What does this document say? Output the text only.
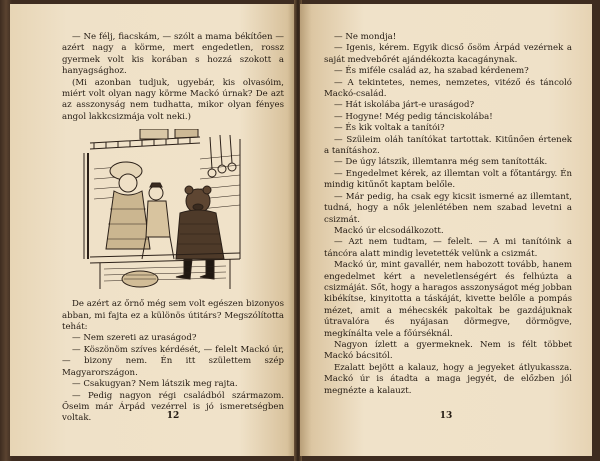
— Ne félj, fiacskám, — szólt a mama békítően — azért nagy a körme, mert engedetlen, rossz gyermek volt kis korában s hozzá szokott a hanyagsághoz.

(Mi azonban tudjuk, ugyebár, kis olvasóim, miért volt olyan nagy körme Mackó úrnak? De azt az asszonyság nem tudhatta, mikor olyan fényes angol lakkcsizmája volt neki.)

De azért az őrnő még sem volt egészen bizonyos abban, mi fajta ez a különös útitárs? Megszólította tehát:

— Nem szereti az uraságod?

— Köszönöm szíves kérdését, — felelt Mackó úr, — bizony nem. Én itt születtem szép Magyarországon.

— Csakugyan? Nem látszik meg rajta.

— Pedig nagyon régi családból származom. Őseim már Árpád vezérrel is jó ismeretségben voltak.	12

— Ne mondja!

— Igenis, kérem. Egyik dicső ősöm Árpád vezérnek a saját medvebőrét ajándékozta kacagánynak.

— És miféle család az, ha szabad kérdenem?

— A tekintetes, nemes, nemzetes, vitéző és táncoló Mackó-család.

— Hát iskolába járt-e uraságod?

— Hogyne! Még pedig tánciskolába!

— És kik voltak a tanítói?

— Szüleim oláh tanítókat tartottak. Kitűnően értenek a tanításhoz.

— De úgy látszik, illemtanra még sem tanították.

— Engedelmet kérek, az illemtan volt a főtantárgy. Én mindig kitűnőt kaptam belőle.

— Már pedig, ha csak egy kicsit ismerné az illemtant, tudná, hogy a nők jelenlétében nem szabad levetni a csizmát.

Mackó úr elcsodálkozott.

— Azt nem tudtam, — felelt. — A mi tanítóink a táncóra alatt mindig levetették velünk a csizmát.

Mackó úr, mint gavallér, nem habozott tovább, hanem engedelmet kért a neveletlenségért és felhúzta a csizmáját. Sőt, hogy a haragos asszonyságot még jobban kibékítse, kinyitotta a táskáját, kivette belőle a pompás mézet, amit a méhecskék pakoltak be gazdájuknak útravalóra és nyájasan dörmegve, dörmögve, megkínálta vele a főúrséknál.

Nagyon ízlett a gyermeknek. Nem is félt többet Mackó bácsitól.

Ezalatt bejött a kalauz, hogy a jegyeket átlyukassza. Mackó úr is átadta a maga jegyét, de előzben jól megnézte a kalauzt.

13
